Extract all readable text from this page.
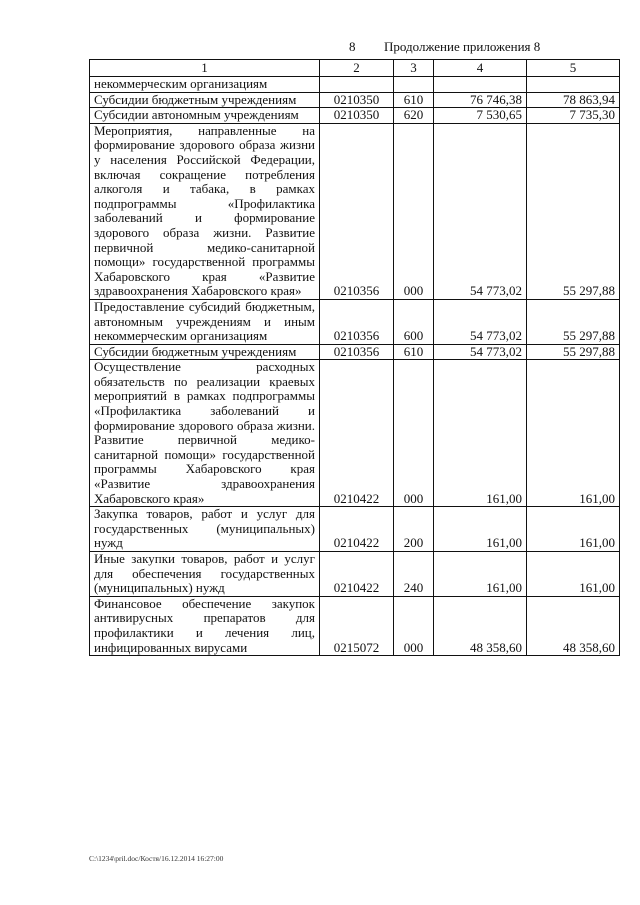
8 Продолжение приложения 8
1	2	3	4	5
некоммерческим организациям				
Субсидии бюджетным учреждениям	0210350	610	76 746,38	78 863,94
Субсидии автономным учреждениям	0210350	620	7 530,65	7 735,30
Мероприятия, направленные на формирование здорового образа жизни у населения Российской Федерации, включая сокращение потребления алкоголя и табака, в рамках подпрограммы «Профилактика заболеваний и формирование здорового образа жизни. Развитие первичной медико-санитарной помощи» государственной программы Хабаровского края «Развитие здравоохранения Хабаровского края»	0210356	000	54 773,02	55 297,88
Предоставление субсидий бюджетным, автономным учреждениям и иным некоммерческим организациям	0210356	600	54 773,02	55 297,88
Субсидии бюджетным учреждениям	0210356	610	54 773,02	55 297,88
Осуществление расходных обязательств по реализации краевых мероприятий в рамках подпрограммы «Профилактика заболеваний и формирование здорового образа жизни. Развитие первичной медико-санитарной помощи» государственной программы Хабаровского края «Развитие здравоохранения Хабаровского края»	0210422	000	161,00	161,00
Закупка товаров, работ и услуг для государственных (муниципальных) нужд	0210422	200	161,00	161,00
Иные закупки товаров, работ и услуг для обеспечения государственных (муниципальных) нужд	0210422	240	161,00	161,00
Финансовое обеспечение закупок антивирусных препаратов для профилактики и лечения лиц, инфицированных вирусами	0215072	000	48 358,60	48 358,60
C:\1234\pril.doc/Костя/16.12.2014 16:27:00
